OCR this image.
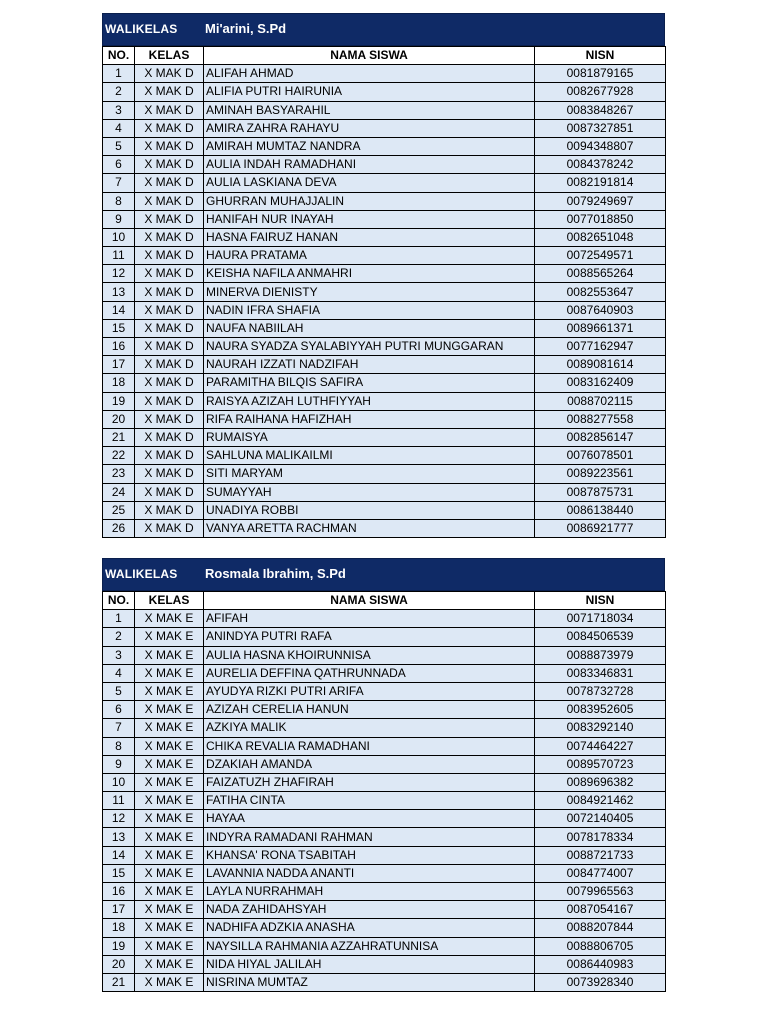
WALIKELAS Mi'arini, S.Pd
NO.	KELAS	NAMA SISWA	NISN
1	X MAK D	ALIFAH AHMAD	0081879165
2	X MAK D	ALIFIA PUTRI HAIRUNIA	0082677928
3	X MAK D	AMINAH BASYARAHIL	0083848267
4	X MAK D	AMIRA ZAHRA RAHAYU	0087327851
5	X MAK D	AMIRAH MUMTAZ NANDRA	0094348807
6	X MAK D	AULIA INDAH RAMADHANI	0084378242
7	X MAK D	AULIA LASKIANA DEVA	0082191814
8	X MAK D	GHURRAN MUHAJJALIN	0079249697
9	X MAK D	HANIFAH NUR INAYAH	0077018850
10	X MAK D	HASNA FAIRUZ HANAN	0082651048
11	X MAK D	HAURA PRATAMA	0072549571
12	X MAK D	KEISHA NAFILA ANMAHRI	0088565264
13	X MAK D	MINERVA DIENISTY	0082553647
14	X MAK D	NADIN IFRA SHAFIA	0087640903
15	X MAK D	NAUFA NABIILAH	0089661371
16	X MAK D	NAURA SYADZA SYALABIYYAH PUTRI MUNGGARAN	0077162947
17	X MAK D	NAURAH IZZATI NADZIFAH	0089081614
18	X MAK D	PARAMITHA BILQIS SAFIRA	0083162409
19	X MAK D	RAISYA AZIZAH LUTHFIYYAH	0088702115
20	X MAK D	RIFA RAIHANA HAFIZHAH	0088277558
21	X MAK D	RUMAISYA	0082856147
22	X MAK D	SAHLUNA MALIKAILMI	0076078501
23	X MAK D	SITI MARYAM	0089223561
24	X MAK D	SUMAYYAH	0087875731
25	X MAK D	UNADIYA ROBBI	0086138440
26	X MAK D	VANYA ARETTA RACHMAN	0086921777
WALIKELAS Rosmala Ibrahim, S.Pd
NO.	KELAS	NAMA SISWA	NISN
1	X MAK E	AFIFAH	0071718034
2	X MAK E	ANINDYA PUTRI RAFA	0084506539
3	X MAK E	AULIA HASNA KHOIRUNNISA	0088873979
4	X MAK E	AURELIA DEFFINA QATHRUNNADA	0083346831
5	X MAK E	AYUDYA RIZKI PUTRI ARIFA	0078732728
6	X MAK E	AZIZAH CERELIA HANUN	0083952605
7	X MAK E	AZKIYA MALIK	0083292140
8	X MAK E	CHIKA REVALIA RAMADHANI	0074464227
9	X MAK E	DZAKIAH AMANDA	0089570723
10	X MAK E	FAIZATUZH ZHAFIRAH	0089696382
11	X MAK E	FATIHA CINTA	0084921462
12	X MAK E	HAYAA	0072140405
13	X MAK E	INDYRA RAMADANI RAHMAN	0078178334
14	X MAK E	KHANSA' RONA TSABITAH	0088721733
15	X MAK E	LAVANNIA NADDA ANANTI	0084774007
16	X MAK E	LAYLA NURRAHMAH	0079965563
17	X MAK E	NADA ZAHIDAHSYAH	0087054167
18	X MAK E	NADHIFA ADZKIA ANASHA	0088207844
19	X MAK E	NAYSILLA RAHMANIA AZZAHRATUNNISA	0088806705
20	X MAK E	NIDA HIYAL JALILAH	0086440983
21	X MAK E	NISRINA MUMTAZ	0073928340
